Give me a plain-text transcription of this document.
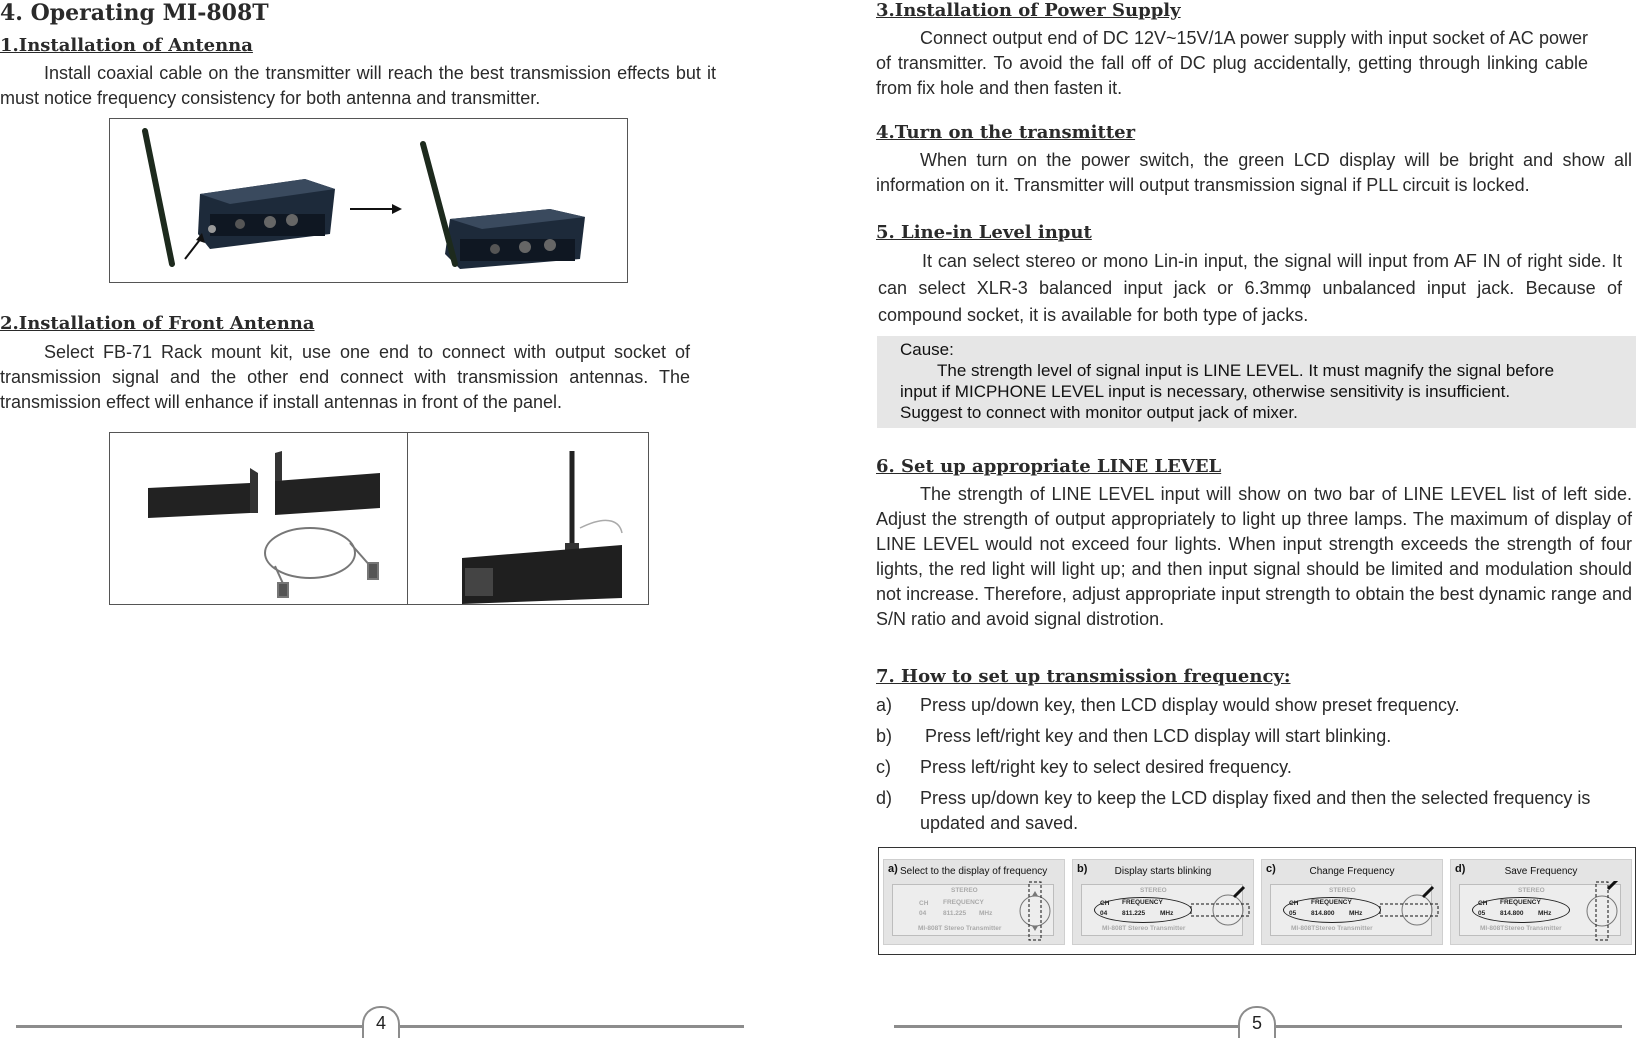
4. Operating MI-808T
1.Installation of Antenna

Install coaxial cable on the transmitter will reach the best transmission effects but it must notice frequency consistency for both antenna and transmitter.

2.Installation of Front Antenna

Select FB-71 Rack mount kit, use one end to connect with output socket of transmission signal and the other end connect with transmission antennas. The transmission effect will enhance if install antennas in front of the panel.

4
3.Installation of Power Supply

Connect output end of DC 12V~15V/1A power supply with input socket of AC power of transmitter. To avoid the fall off of DC plug accidentally, getting through linking cable from fix hole and then fasten it.

4.Turn on the transmitter

When turn on the power switch, the green LCD display will be bright and show all information on it. Transmitter will output transmission signal if PLL circuit is locked.

5. Line-in Level input

It can select stereo or mono Lin-in input, the signal will input from AF IN of right side. It can select XLR-3 balanced input jack or 6.3mmφ unbalanced input jack. Because of compound socket, it is available for both type of jacks.

Cause:
The strength level of signal input is LINE LEVEL. It must magnify the signal before input if MICPHONE LEVEL input is necessary, otherwise sensitivity is insufficient. Suggest to connect with monitor output jack of mixer.
6. Set up appropriate LINE LEVEL

The strength of LINE LEVEL input will show on two bar of LINE LEVEL list of left side. Adjust the strength of output appropriately to light up three lamps. The maximum of display of LINE LEVEL would not exceed four lights. When input strength exceeds the strength of four lights, the red light will light up; and then input signal should be limited and modulation should not increase. Therefore, adjust appropriate input strength to obtain the best dynamic range and S/N ratio and avoid signal distrotion.

7. How to set up transmission frequency:
a) Press up/down key, then LCD display would show preset frequency.
b) Press left/right key and then LCD display will start blinking.
c) Press left/right key to select desired frequency.
d) Press up/down key to keep the LCD display fixed and then the selected frequency is updated and saved.
a) Select to the display of frequency
STEREO
CH
04
FREQUENCY
811.225 MHz
MI-808T Stereo Transmitter
b)	Display starts blinking
STEREO
CH
04
FREQUENCY
811.225 MHz
MI-808T Stereo Transmitter
c)	Change Frequency
STEREO
CH
05
FREQUENCY
814.800 MHz
MI-808TStereo Transmitter
d)	Save Frequency
STEREO
CH
05
FREQUENCY
814.800 MHz
MI-808TStereo Transmitter
5
